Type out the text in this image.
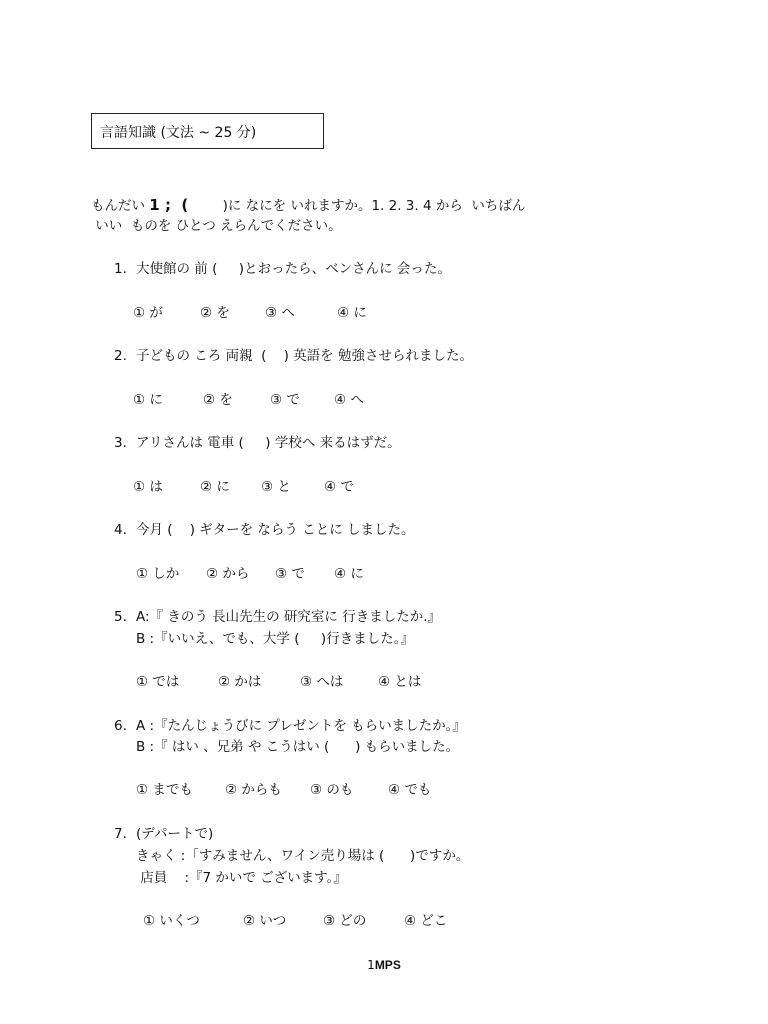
言語知識 (文法 ~ 25 分)
もんだい 1 ;  (        )に なにを いれますか。1. 2. 3. 4 から  いちばん
いい  ものを ひとつ えらんでください。
1. 大使館の 前 (     )とおったら、ベンさんに 会った。
① が	② を	③ へ	④ に
2. 子どもの ころ 両親  (    ) 英語を 勉強させられました。
① に	② を	③ で	④ へ
3. アリさんは 電車 (     ) 学校へ 来るはずだ。
① は	② に ③ と ④ で
4. 今月 (    ) ギターを ならう ことに しました。
① しか ② から ③ で ④ に
5. A:『 きのう 長山先生の 研究室に 行きましたか.』
B :『いいえ、でも、大学 (     )行きました。』
① では	② かは	③ へは	④ とは
6. A :『たんじょうびに プレゼントを もらいましたか。』
B :『 はい 、兄弟 や こうはい (      ) もらいました。
① までも ② からも ③ のも	④ でも
7. (デパートで)
きゃく :「すみません、ワイン売り場は (      )ですか。
店員    :『7 かいで ございます。』
① いくつ	② いつ	③ どの	④ どこ
1MPS
